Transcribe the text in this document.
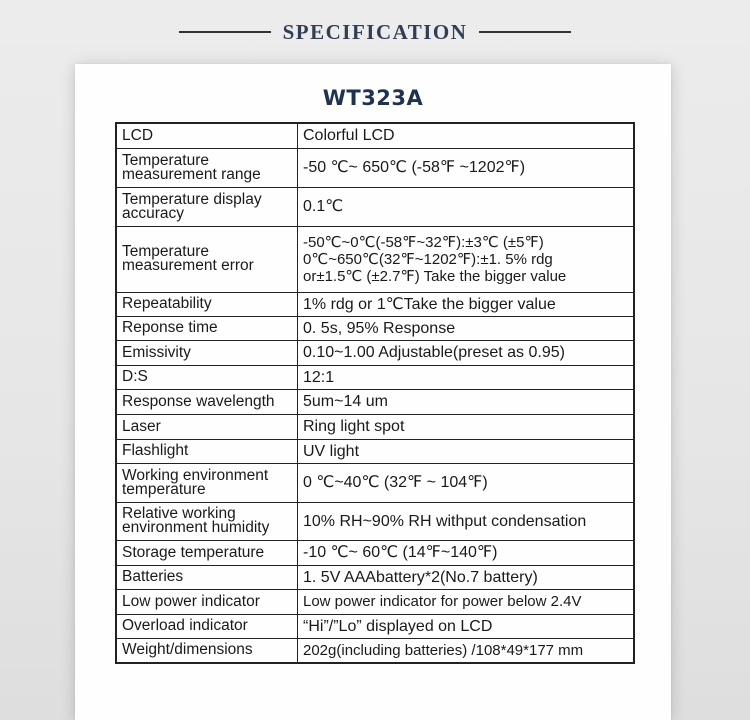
SPECIFICATION
WT323A
LCD	Colorful LCD

Temperature measurement range	-50 ℃~ 650℃ (-58℉ ~1202℉)

Temperature display accuracy	0.1℃

Temperature measurement error	-50℃~0℃(-58℉~32℉):±3℃ (±5℉)
0℃~650℃(32℉~1202℉):±1. 5% rdg
or±1.5℃ (±2.7℉) Take the bigger value

Repeatability	1% rdg or 1℃Take the bigger value

Reponse time	0. 5s, 95% Response

Emissivity	0.10~1.00 Adjustable(preset as 0.95)

D:S	12:1

Response wavelength	5um~14 um

Laser	Ring light spot

Flashlight	UV light

Working environment temperature	0 ℃~40℃ (32℉ ~ 104℉)

Relative working environment humidity	10% RH~90% RH withput condensation

Storage temperature	-10 ℃~ 60℃ (14℉~140℉)

Batteries	1. 5V AAAbattery*2(No.7 battery)

Low power indicator	Low power indicator for power below 2.4V

Overload indicator	“Hi”/”Lo” displayed on LCD

Weight/dimensions	202g(including batteries) /108*49*177 mm
